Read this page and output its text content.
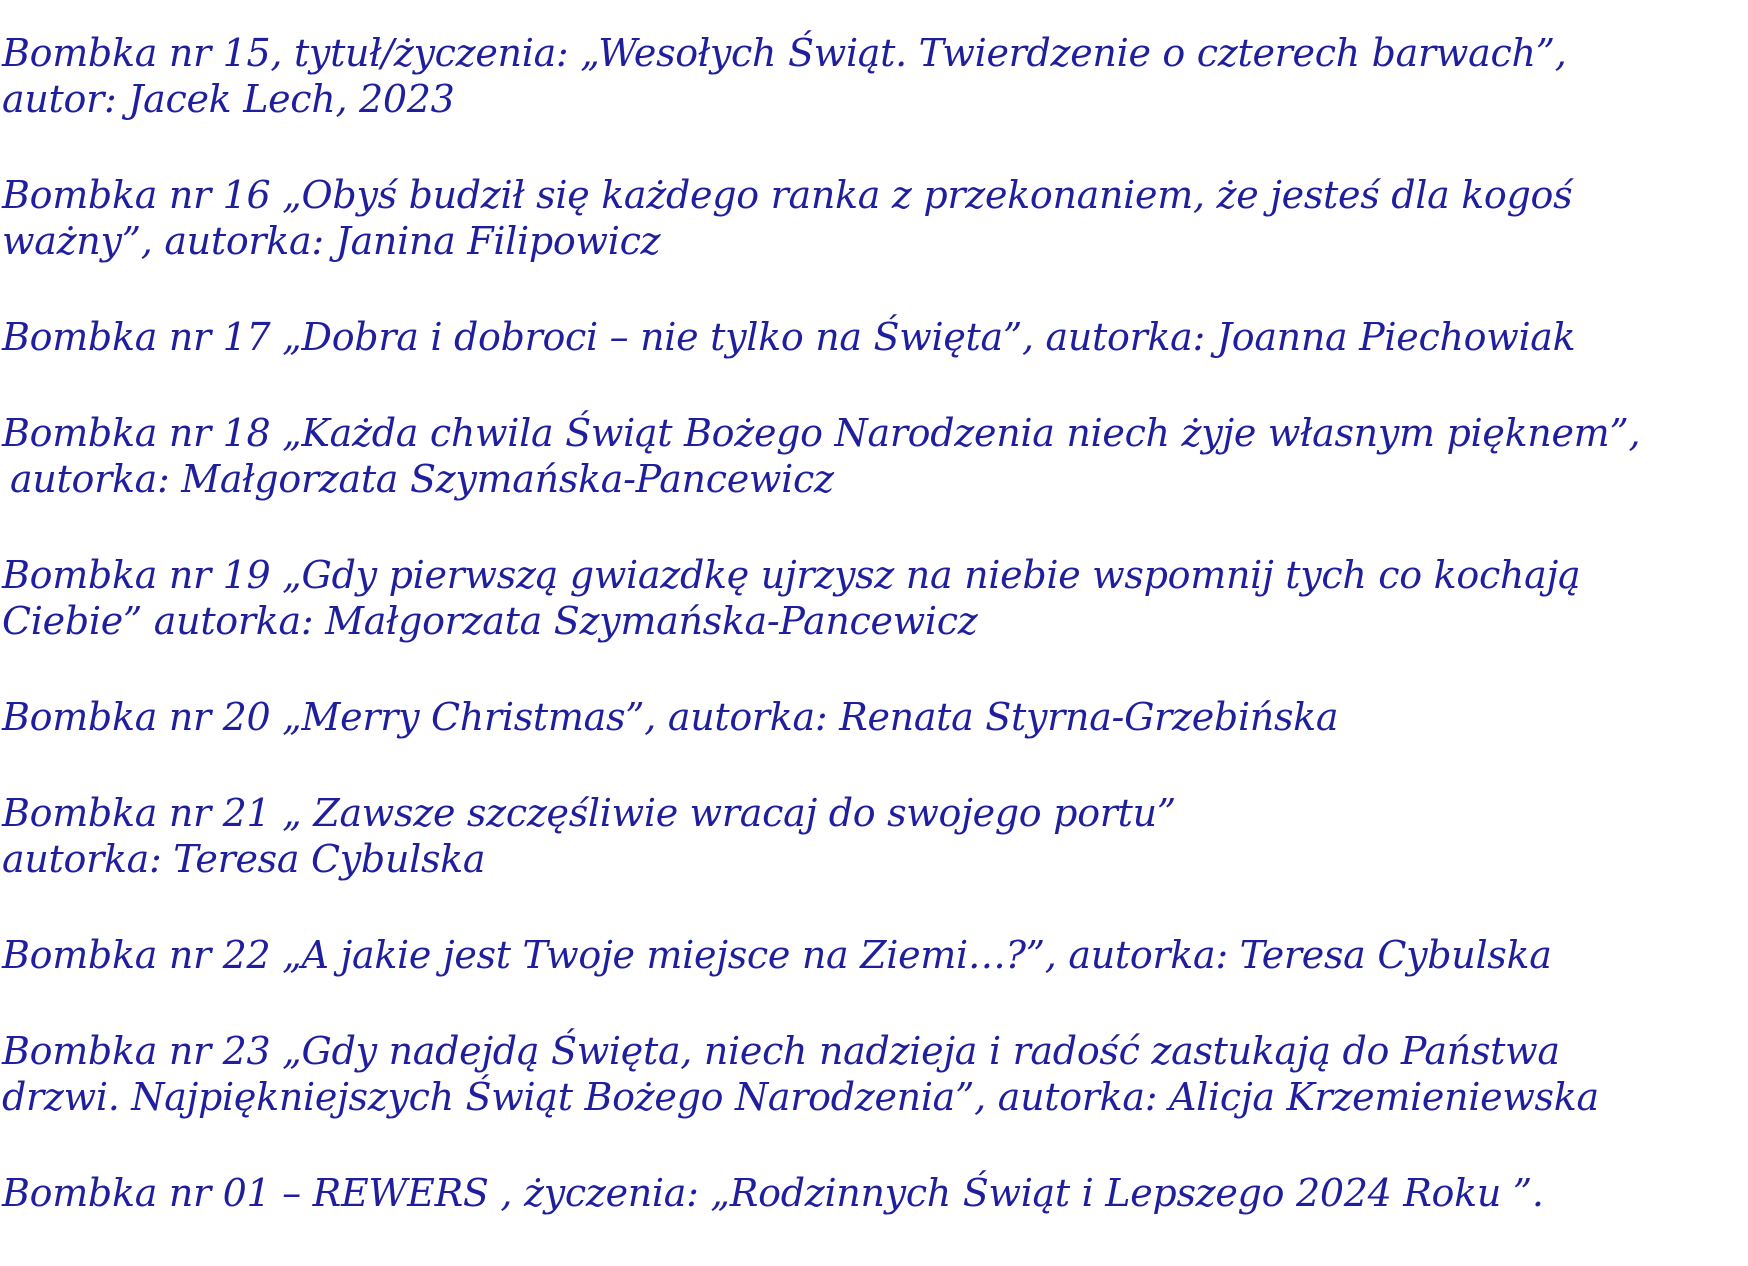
Bombka nr 15, tytuł/życzenia: „Wesołych Świąt. Twierdzenie o czterech barwach”,
autor: Jacek Lech, 2023

Bombka nr 16 „Obyś budził się każdego ranka z przekonaniem, że jesteś dla kogoś
ważny”, autorka: Janina Filipowicz

Bombka nr 17 „Dobra i dobroci – nie tylko na Święta”, autorka: Joanna Piechowiak

Bombka nr 18 „Każda chwila Świąt Bożego Narodzenia niech żyje własnym pięknem”,
autorka: Małgorzata Szymańska-Pancewicz

Bombka nr 19 „Gdy pierwszą gwiazdkę ujrzysz na niebie wspomnij tych co kochają
Ciebie” autorka: Małgorzata Szymańska-Pancewicz

Bombka nr 20 „Merry Christmas”, autorka: Renata Styrna-Grzebińska

Bombka nr 21 „ Zawsze szczęśliwie wracaj do swojego portu”
autorka: Teresa Cybulska

Bombka nr 22 „A jakie jest Twoje miejsce na Ziemi…?”, autorka: Teresa Cybulska

Bombka nr 23 „Gdy nadejdą Święta, niech nadzieja i radość zastukają do Państwa
drzwi. Najpiękniejszych Świąt Bożego Narodzenia”, autorka: Alicja Krzemieniewska

Bombka nr 01 – REWERS , życzenia: „Rodzinnych Świąt i Lepszego 2024 Roku ”.
